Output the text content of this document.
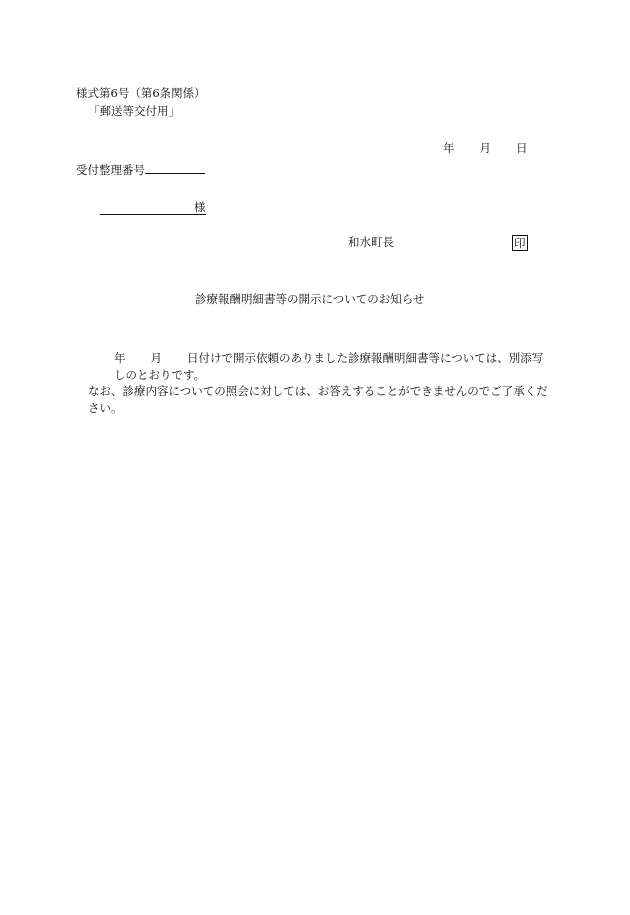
様式第6号（第6条関係）
「郵送等交付用」
年 月 日
受付整理番号
様
和水町長	印
診療報酬明細書等の開示についてのお知らせ

年 月 日付けで開示依頼のありました診療報酬明細書等については、別添写しのとおりです。

なお、診療内容についての照会に対しては、お答えすることができませんのでご了承ください。
